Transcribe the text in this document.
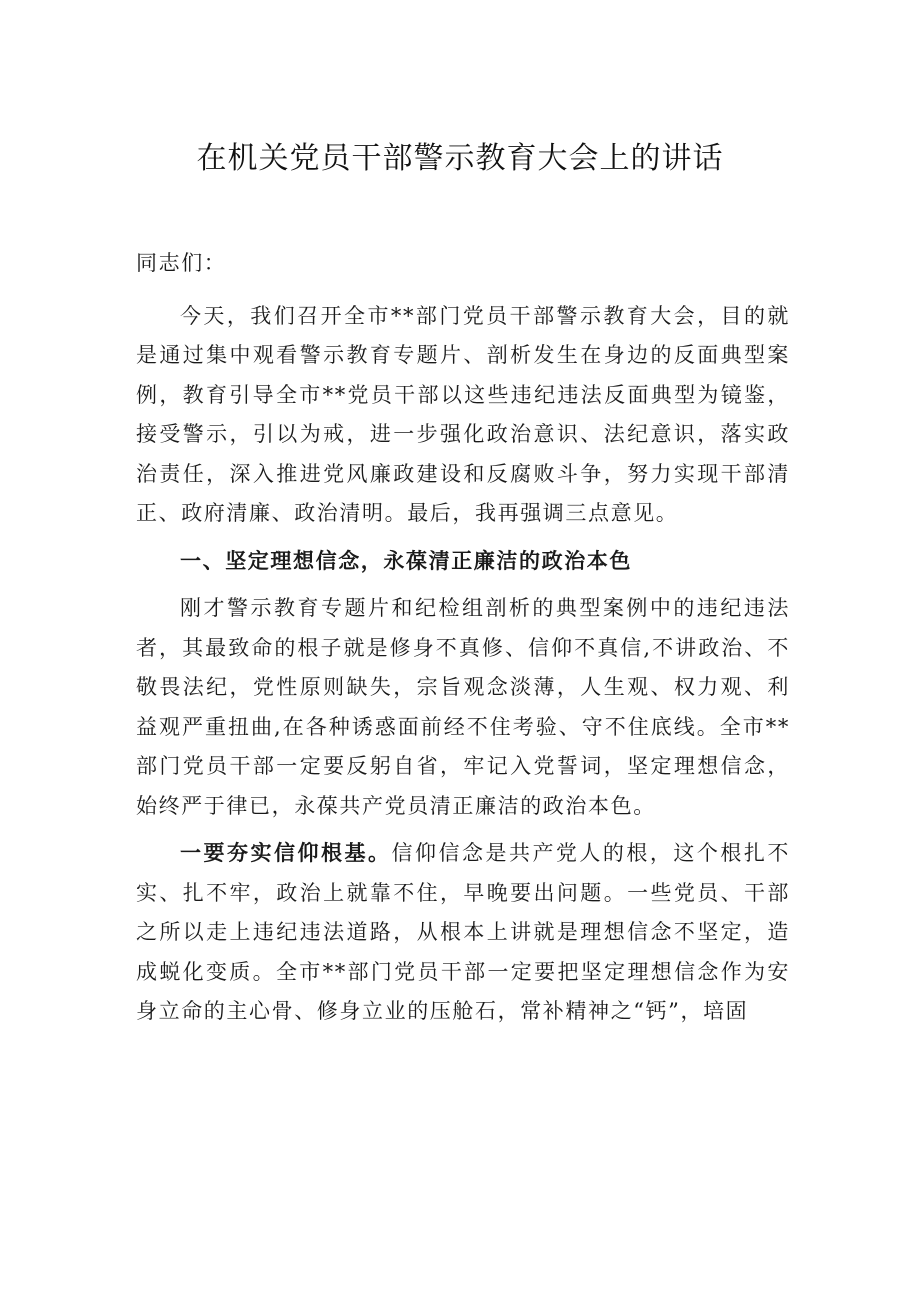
在机关党员干部警示教育大会上的讲话

同志们：

今天，我们召开全市**部门党员干部警示教育大会，目的就是通过集中观看警示教育专题片、剖析发生在身边的反面典型案例，教育引导全市**党员干部以这些违纪违法反面典型为镜鉴，接受警示，引以为戒，进一步强化政治意识、法纪意识，落实政治责任，深入推进党风廉政建设和反腐败斗争，努力实现干部清正、政府清廉、政治清明。最后，我再强调三点意见。

一、坚定理想信念，永葆清正廉洁的政治本色

刚才警示教育专题片和纪检组剖析的典型案例中的违纪违法者，其最致命的根子就是修身不真修、信仰不真信,不讲政治、不敬畏法纪，党性原则缺失，宗旨观念淡薄，人生观、权力观、利益观严重扭曲,在各种诱惑面前经不住考验、守不住底线。全市**部门党员干部一定要反躬自省，牢记入党誓词，坚定理想信念，始终严于律已，永葆共产党员清正廉洁的政治本色。

一要夯实信仰根基。信仰信念是共产党人的根，这个根扎不实、扎不牢，政治上就靠不住，早晚要出问题。一些党员、干部之所以走上违纪违法道路，从根本上讲就是理想信念不坚定，造成蜕化变质。全市**部门党员干部一定要把坚定理想信念作为安身立命的主心骨、修身立业的压舱石，常补精神之“钙”，培固
